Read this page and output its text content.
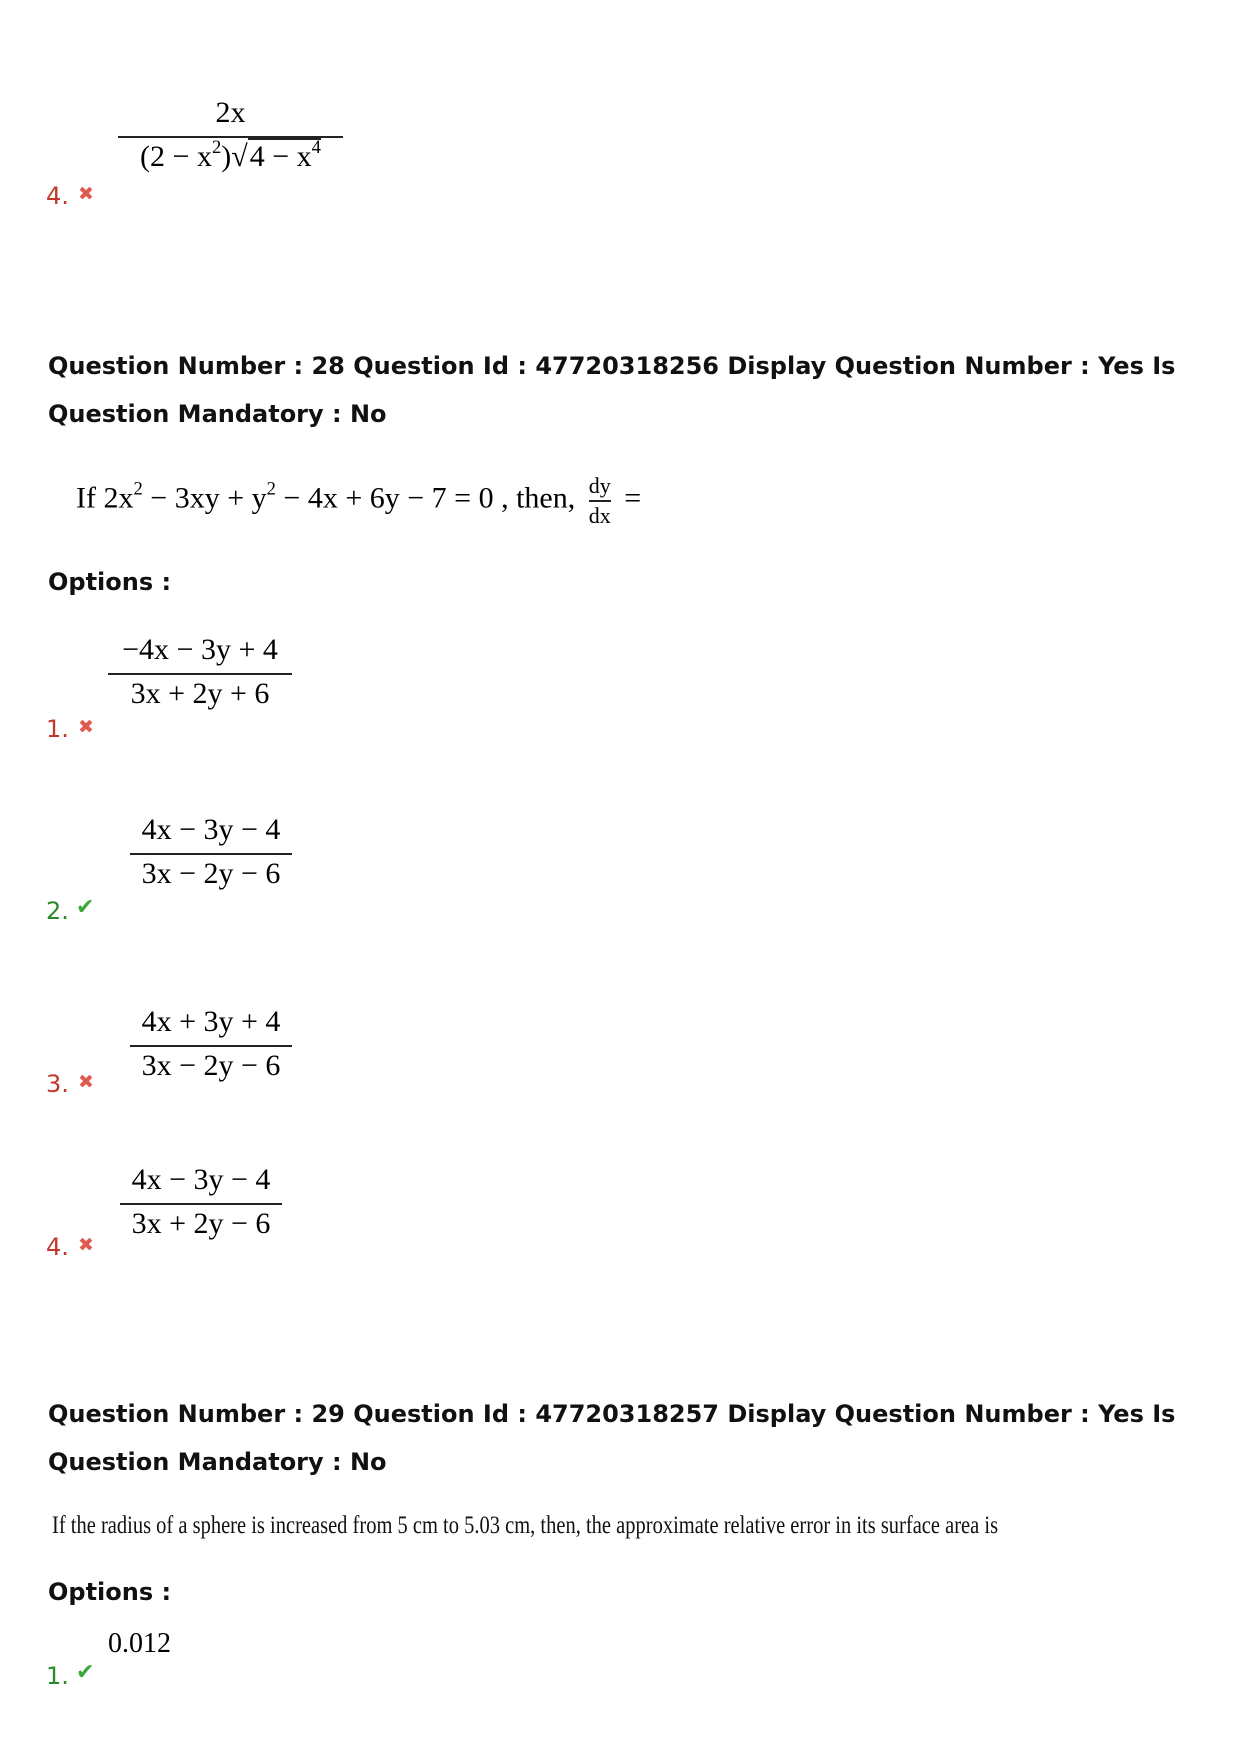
2x
$(2 - x^2)√4 - x^4$
4. ✖
Question Number : 28 Question Id : 47720318256 Display Question Number : Yes Is Question Mandatory : No
If $2x^2 - 3xy + y^2 - 4x + 6y - 7 = 0$ , then, $\frac{dy}{dx}$ =
Options :
−4x − 3y + 4
3x + 2y + 6
1. ✖
4x − 3y − 4
3x − 2y − 6
2. ✔
4x + 3y + 4
3x − 2y − 6
3. ✖
4x − 3y − 4
3x + 2y − 6
4. ✖
Question Number : 29 Question Id : 47720318257 Display Question Number : Yes Is Question Mandatory : No
If the radius of a sphere is increased from 5 cm to 5.03 cm, then, the approximate relative error in its surface area is
Options :
0.012
1. ✔
